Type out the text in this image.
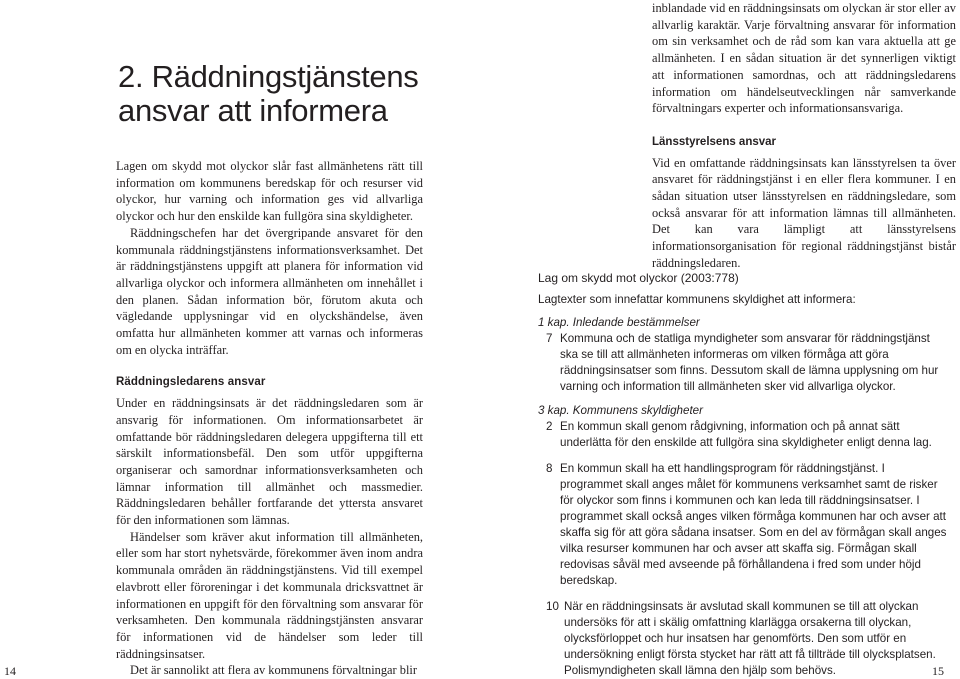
2. Räddningstjänstens
ansvar att informera

Lagen om skydd mot olyckor slår fast allmänhetens rätt till information om kommunens beredskap för och resurser vid olyckor, hur varning och information ges vid allvarliga olyckor och hur den enskilde kan fullgöra sina skyldigheter.

Räddningschefen har det övergripande ansvaret för den kommunala räddningstjänstens informationsverksamhet. Det är räddningstjänstens uppgift att planera för information vid allvarliga olyckor och informera allmänheten om innehållet i den planen. Sådan information bör, förutom akuta och vägledande upplysningar vid en olyckshändelse, även omfatta hur allmänheten kommer att varnas och informeras om en olycka inträffar.

Räddningsledarens ansvar

Under en räddningsinsats är det räddningsledaren som är ansvarig för informationen. Om informationsarbetet är omfattande bör räddningsledaren delegera uppgifterna till ett särskilt informationsbefäl. Den som utför uppgifterna organiserar och samordnar informationsverksamheten och lämnar information till allmänhet och massmedier. Räddningsledaren behåller fortfarande det yttersta ansvaret för den informationen som lämnas.

Händelser som kräver akut information till allmänheten, eller som har stort nyhetsvärde, förekommer även inom andra kommunala områden än räddningstjänstens. Vid till exempel elavbrott eller föroreningar i det kommunala dricksvattnet är informationen en uppgift för den förvaltning som ansvarar för verksamheten. Den kommunala räddningstjänsten ansvarar för informationen vid de händelser som leder till räddningsinsatser.

Det är sannolikt att flera av kommunens förvaltningar blir

14

inblandade vid en räddningsinsats om olyckan är stor eller av allvarlig karaktär. Varje förvaltning ansvarar för information om sin verksamhet och de råd som kan vara aktuella att ge allmänheten. I en sådan situation är det synnerligen viktigt att informationen samordnas, och att räddningsledarens information om händelseutvecklingen når samverkande förvaltningars experter och informationsansvariga.

Länsstyrelsens ansvar

Vid en omfattande räddningsinsats kan länsstyrelsen ta över ansvaret för räddningstjänst i en eller flera kommuner. I en sådan situation utser länsstyrelsen en räddningsledare, som också ansvarar för att information lämnas till allmänheten. Det kan vara lämpligt att länsstyrelsens informationsorganisation för regional räddningstjänst bistår räddningsledaren.

Lag om skydd mot olyckor (2003:778)
Lagtexter som innefattar kommunens skyldighet att informera:
1 kap. Inledande bestämmelser
7 Kommuna och de statliga myndigheter som ansvarar för räddningstjänst ska se till att allmänheten informeras om vilken förmåga att göra räddningsinsatser som finns. Dessutom skall de lämna upplysning om hur varning och information till allmänheten sker vid allvarliga olyckor.
3 kap. Kommunens skyldigheter
2 En kommun skall genom rådgivning, information och på annat sätt underlätta för den enskilde att fullgöra sina skyldigheter enligt denna lag.
8 En kommun skall ha ett handlingsprogram för räddningstjänst. I programmet skall anges målet för kommunens verksamhet samt de risker för olyckor som finns i kommunen och kan leda till räddningsinsatser. I programmet skall också anges vilken förmåga kommunen har och avser att skaffa sig för att göra sådana insatser. Som en del av förmågan skall anges vilka resurser kommunen har och avser att skaffa sig. Förmågan skall redovisas såväl med avseende på förhållandena i fred som under höjd beredskap.
10 När en räddningsinsats är avslutad skall kommunen se till att olyckan undersöks för att i skälig omfattning klarlägga orsakerna till olyckan, olycksförloppet och hur insatsen har genomförts. Den som utför en undersökning enligt första stycket har rätt att få tillträde till olycksplatsen. Polismyndigheten skall lämna den hjälp som behövs.	15
